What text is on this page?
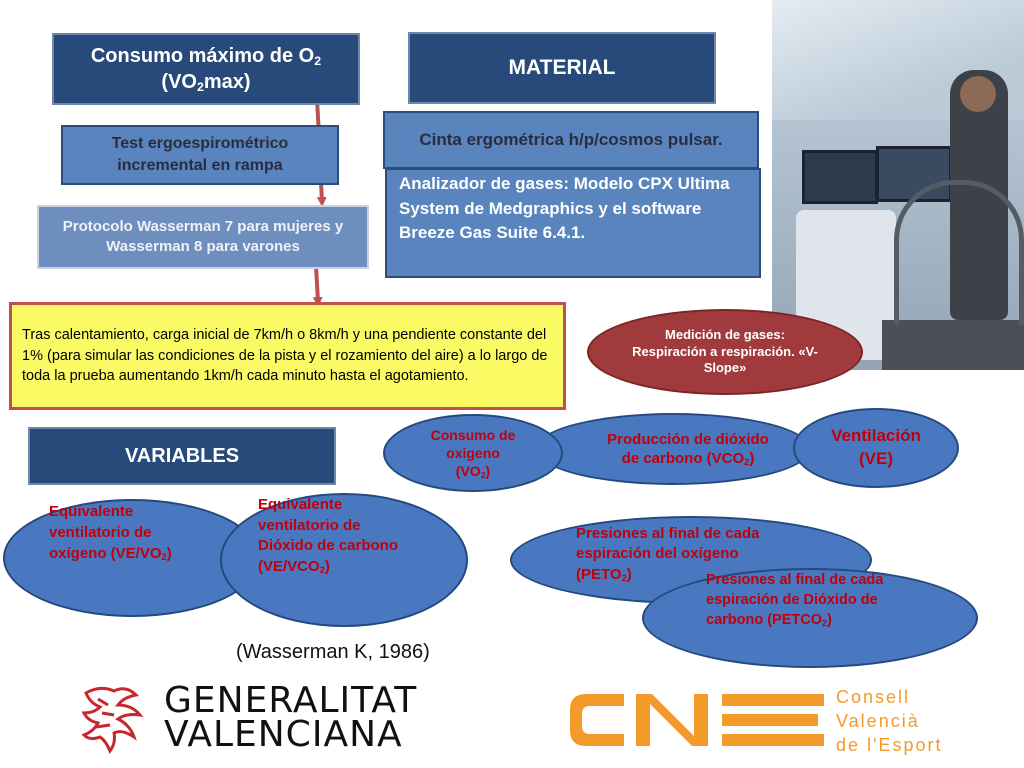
Consumo máximo de O2
(VO2max)
MATERIAL
Test ergoespirométrico incremental en rampa
Protocolo Wasserman 7 para mujeres y Wasserman 8 para varones
Cinta ergométrica h/p/cosmos pulsar.
Analizador de gases: Modelo CPX Ultima System de Medgraphics y el software Breeze Gas Suite 6.4.1.
Tras calentamiento, carga inicial de 7km/h o 8km/h y una pendiente constante del 1% (para simular las condiciones de la pista y el rozamiento del aire) a lo largo de toda la prueba aumentando 1km/h cada minuto hasta el agotamiento.
Medición de gases: Respiración a respiración. «V-Slope»
VARIABLES
Producción de dióxido
de carbono (VCO2)
Ventilación
(VE)
Consumo de
oxigeno
(VO2)
Equivalente
ventilatorio de
oxígeno (VE/VO2)
Equivalente
ventilatorio de
Dióxido de carbono
(VE/VCO2)
Presiones al final de cada
espiración del oxígeno
(PETO2)	Presiones al final de cada
espiración de Dióxido de
carbono (PETCO2)
(Wasserman K, 1986)
GENERALITAT
VALENCIANA
Consell
Valencià
de l'Esport
